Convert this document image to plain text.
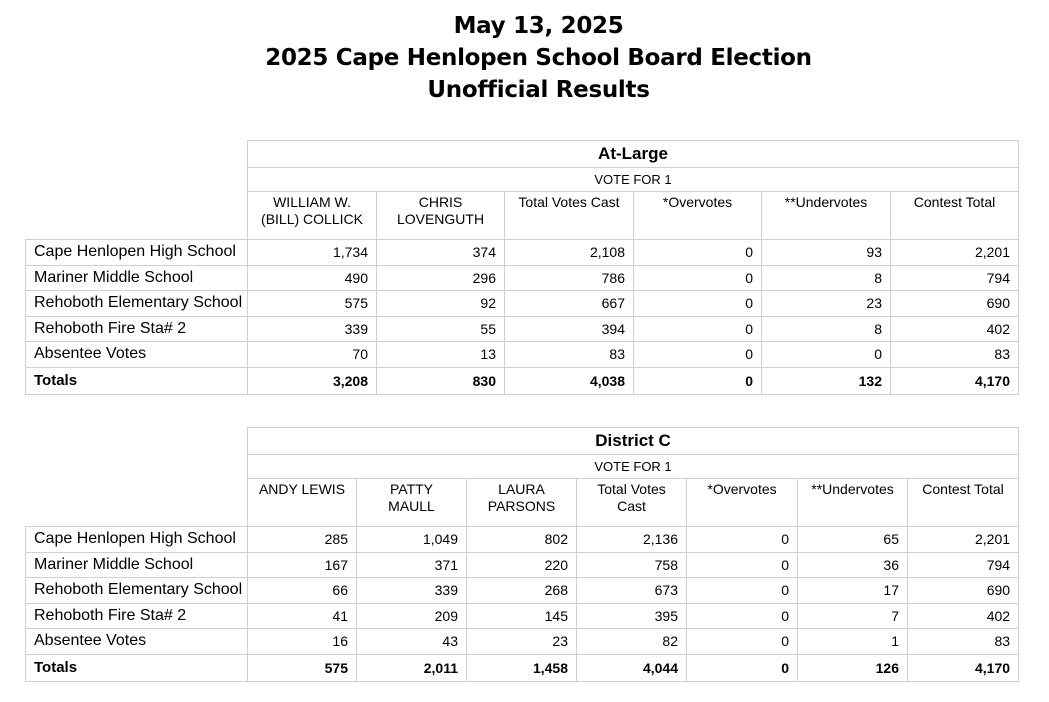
May 13, 2025
2025 Cape Henlopen School Board Election
Unofficial Results
	At-Large					
	VOTE FOR 1					
	WILLIAM W.
(BILL) COLLICK	CHRIS
LOVENGUTH	Total Votes Cast	*Overvotes	**Undervotes	Contest Total
Cape Henlopen High School	1,734	374	2,108	0	93	2,201
Mariner Middle School	490	296	786	0	8	794
Rehoboth Elementary School	575	92	667	0	23	690
Rehoboth Fire Sta# 2	339	55	394	0	8	402
Absentee Votes	70	13	83	0	0	83
Totals	3,208	830	4,038	0	132	4,170
	District C						
	VOTE FOR 1						
	ANDY LEWIS	PATTY MAULL	LAURA
PARSONS	Total Votes
Cast	*Overvotes	**Undervotes	Contest Total
Cape Henlopen High School	285	1,049	802	2,136	0	65	2,201
Mariner Middle School	167	371	220	758	0	36	794
Rehoboth Elementary School	66	339	268	673	0	17	690
Rehoboth Fire Sta# 2	41	209	145	395	0	7	402
Absentee Votes	16	43	23	82	0	1	83
Totals	575	2,011	1,458	4,044	0	126	4,170
